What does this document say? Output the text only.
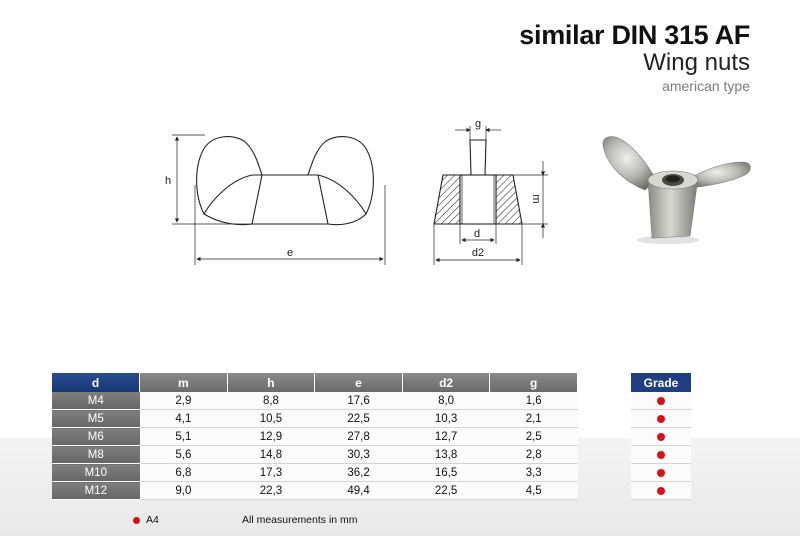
similar DIN 315 AF
Wing nuts
american type
h
e
g
m
d
d2
d	m	h	e	d2	g
M4	2,9	8,8	17,6	8,0	1,6
M5	4,1	10,5	22,5	10,3	2,1
M6	5,1	12,9	27,8	12,7	2,5
M8	5,6	14,8	30,3	13,8	2,8
M10	6,8	17,3	36,2	16,5	3,3
M12	9,0	22,3	49,4	22,5	4,5
Grade

A4	All measurements in mm
